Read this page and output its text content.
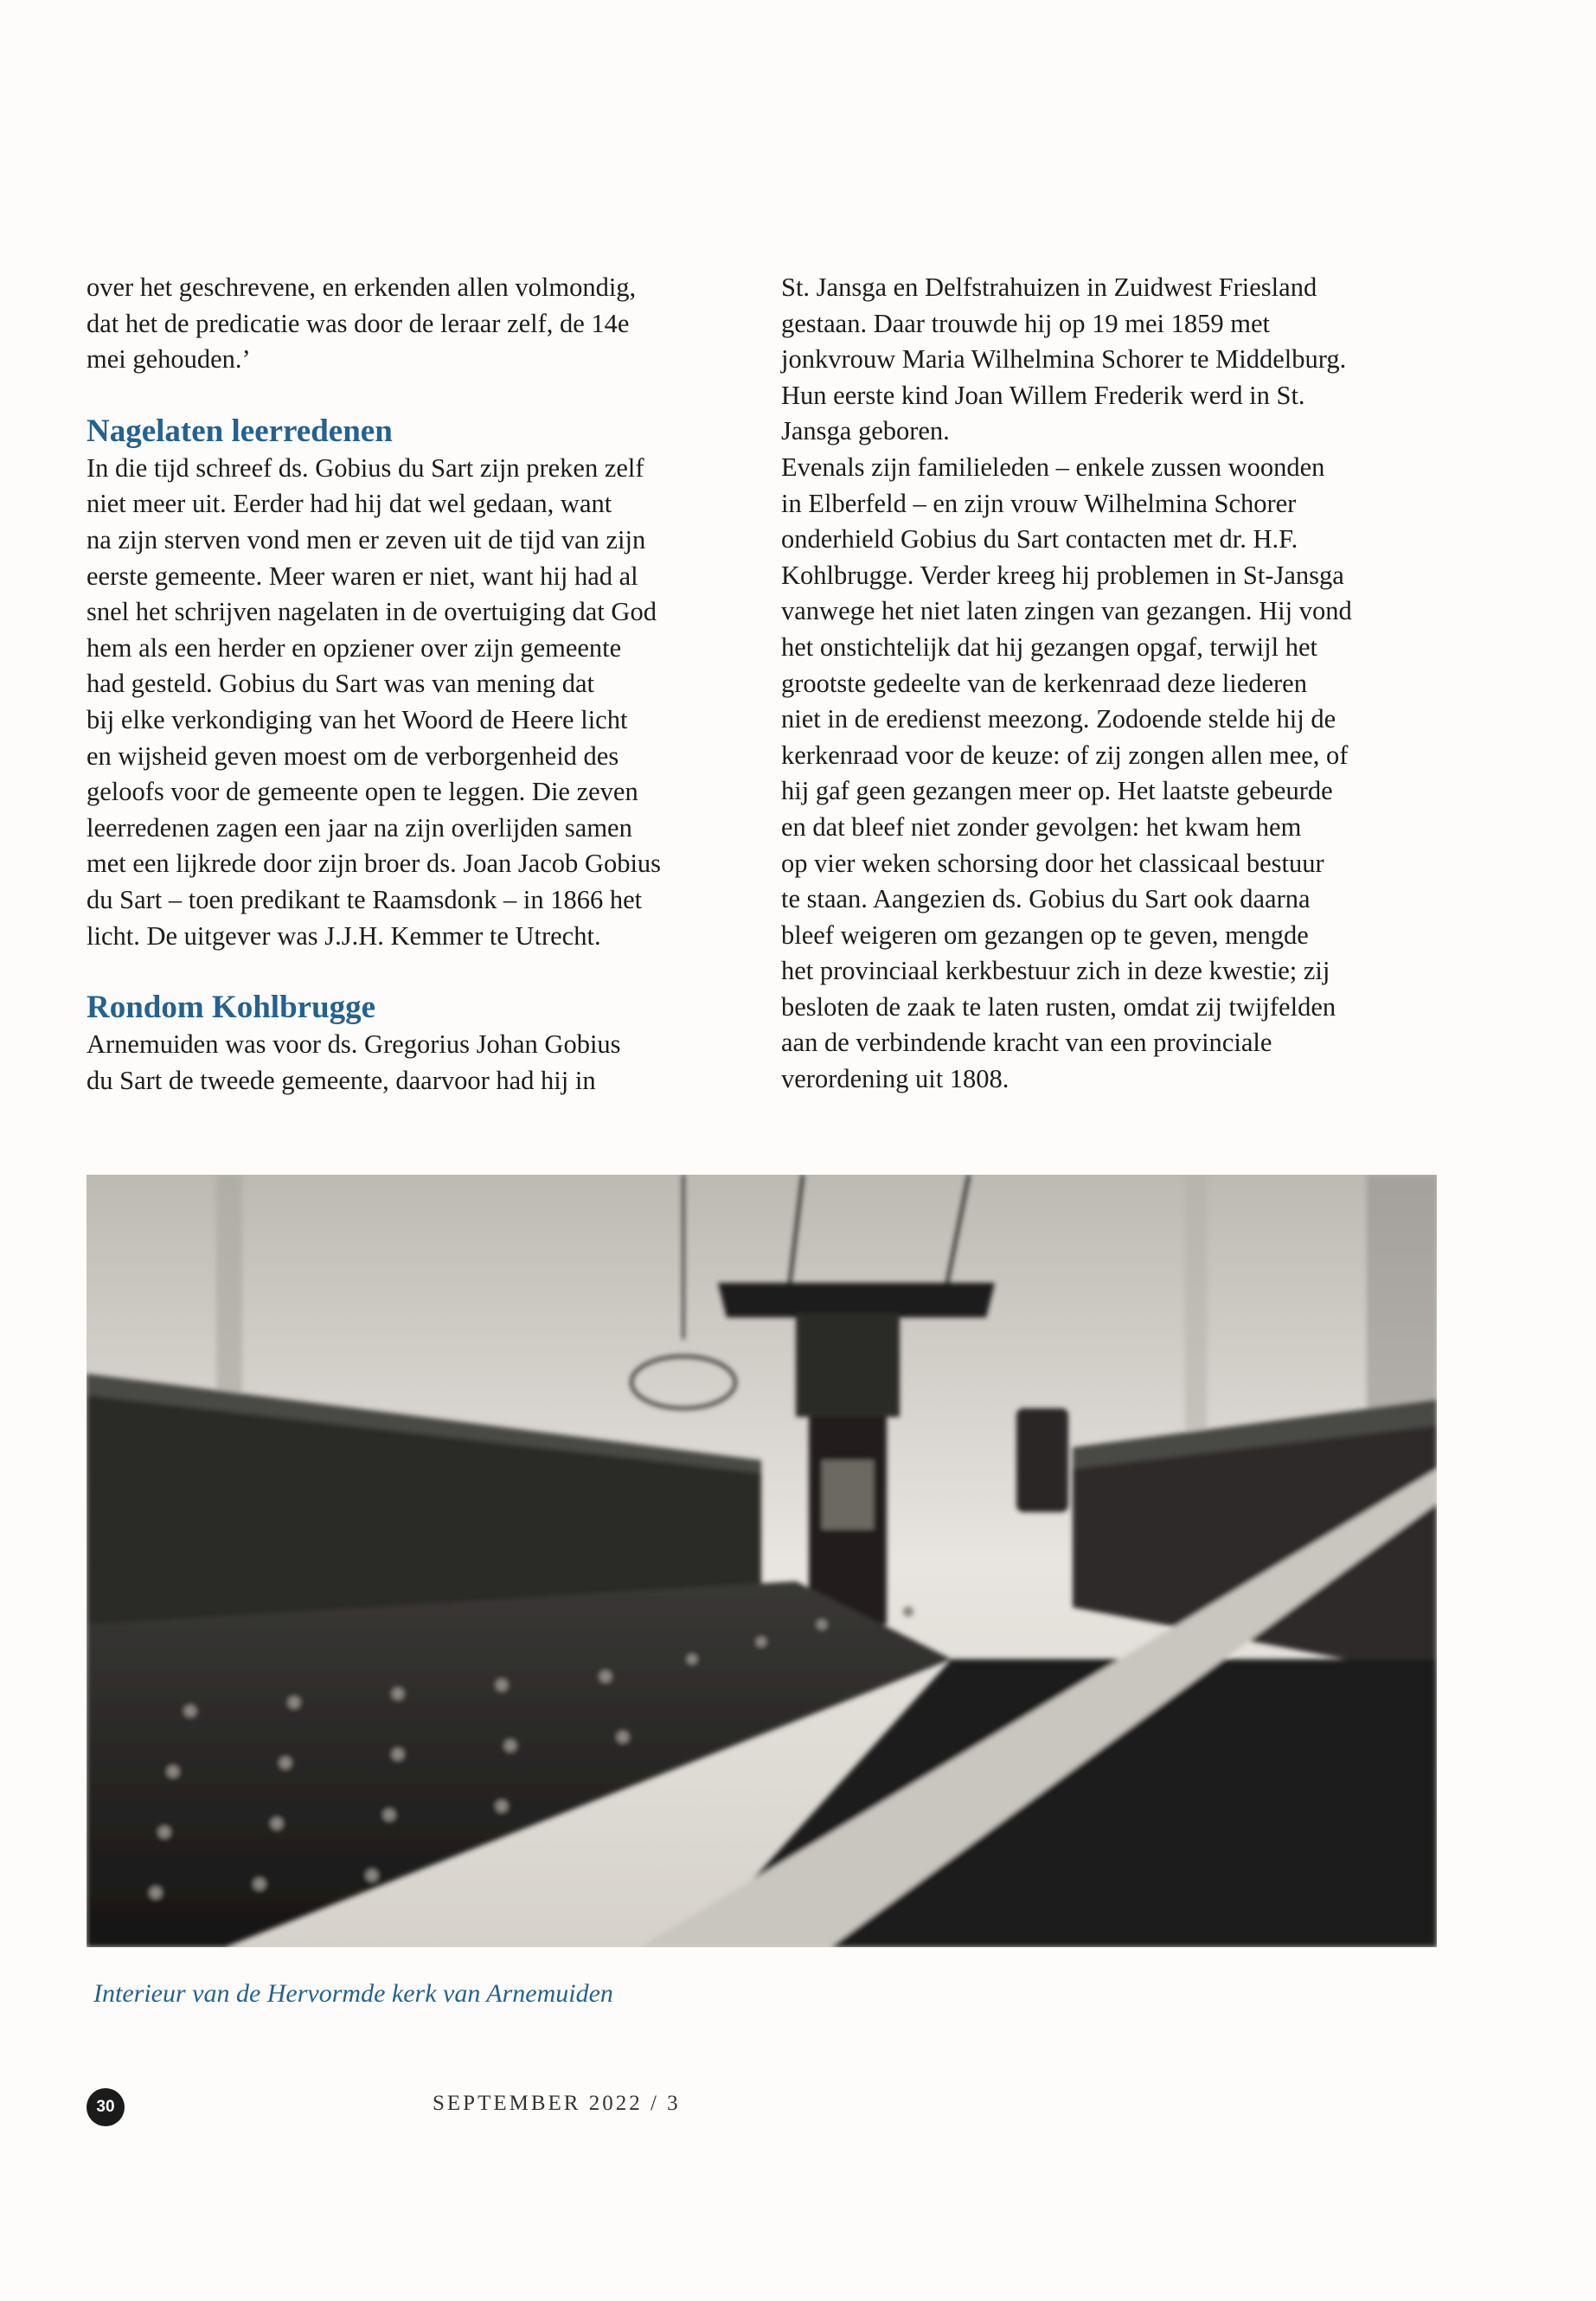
over het geschrevene, en erkenden allen volmondig,

dat het de predicatie was door de leraar zelf, de 14e

mei gehouden.’

Nagelaten leerredenen

In die tijd schreef ds. Gobius du Sart zijn preken zelf

niet meer uit. Eerder had hij dat wel gedaan, want

na zijn sterven vond men er zeven uit de tijd van zijn

eerste gemeente. Meer waren er niet, want hij had al

snel het schrijven nagelaten in de overtuiging dat God

hem als een herder en opziener over zijn gemeente

had gesteld. Gobius du Sart was van mening dat

bij elke verkondiging van het Woord de Heere licht

en wijsheid geven moest om de verborgenheid des

geloofs voor de gemeente open te leggen. Die zeven

leerredenen zagen een jaar na zijn overlijden samen

met een lijkrede door zijn broer ds. Joan Jacob Gobius

du Sart – toen predikant te Raamsdonk – in 1866 het

licht. De uitgever was J.J.H. Kemmer te Utrecht.

Rondom Kohlbrugge

Arnemuiden was voor ds. Gregorius Johan Gobius

du Sart de tweede gemeente, daarvoor had hij in

St. Jansga en Delfstrahuizen in Zuidwest Friesland

gestaan. Daar trouwde hij op 19 mei 1859 met

jonkvrouw Maria Wilhelmina Schorer te Middelburg.

Hun eerste kind Joan Willem Frederik werd in St.

Jansga geboren.

Evenals zijn familieleden – enkele zussen woonden

in Elberfeld – en zijn vrouw Wilhelmina Schorer

onderhield Gobius du Sart contacten met dr. H.F.

Kohlbrugge. Verder kreeg hij problemen in St-Jansga

vanwege het niet laten zingen van gezangen. Hij vond

het onstichtelijk dat hij gezangen opgaf, terwijl het

grootste gedeelte van de kerkenraad deze liederen

niet in de eredienst meezong. Zodoende stelde hij de

kerkenraad voor de keuze: of zij zongen allen mee, of

hij gaf geen gezangen meer op. Het laatste gebeurde

en dat bleef niet zonder gevolgen: het kwam hem

op vier weken schorsing door het classicaal bestuur

te staan. Aangezien ds. Gobius du Sart ook daarna

bleef weigeren om gezangen op te geven, mengde

het provinciaal kerkbestuur zich in deze kwestie; zij

besloten de zaak te laten rusten, omdat zij twijfelden

aan de verbindende kracht van een provinciale

verordening uit 1808.

Interieur van de Hervormde kerk van Arnemuiden
30	SEPTEMBER 2022 / 3
